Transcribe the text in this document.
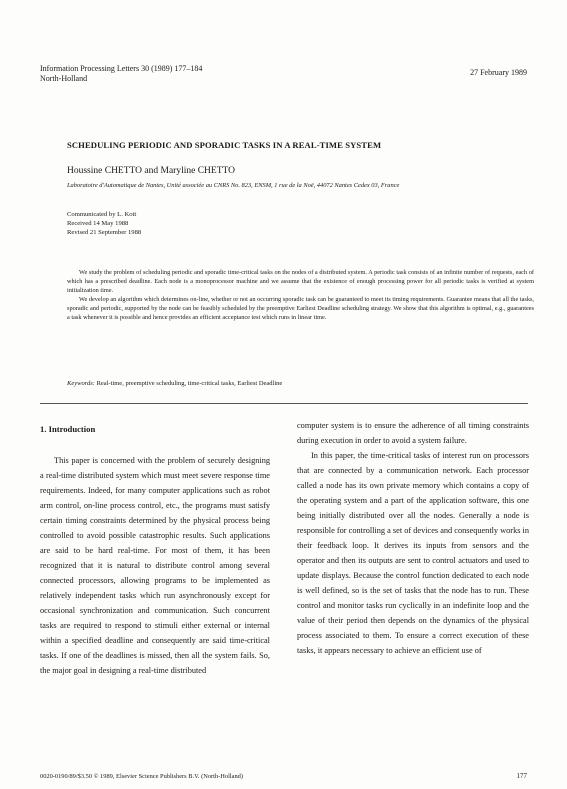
Information Processing Letters 30 (1989) 177–184
North-Holland
27 February 1989
SCHEDULING PERIODIC AND SPORADIC TASKS IN A REAL-TIME SYSTEM
Houssine CHETTO and Maryline CHETTO
Laboratoire d'Automatique de Nantes, Unité associée au CNRS No. 823, ENSM, 1 rue de la Noë, 44072 Nantes Cedex 03, France
Communicated by L. Kott
Received 14 May 1988
Revised 21 September 1988

We study the problem of scheduling periodic and sporadic time-critical tasks on the nodes of a distributed system. A periodic task consists of an infinite number of requests, each of which has a prescribed deadline. Each node is a monoprocessor machine and we assume that the existence of enough processing power for all periodic tasks is verified at system initialization time.

We develop an algorithm which determines on-line, whether or not an occurring sporadic task can be guaranteed to meet its timing requirements. Guarantee means that all the tasks, sporadic and periodic, supported by the node can be feasibly scheduled by the preemptive Earliest Deadline scheduling strategy. We show that this algorithm is optimal, e.g., guarantees a task whenever it is possible and hence provides an efficient acceptance test which runs in linear time.

Keywords: Real-time, preemptive scheduling, time-critical tasks, Earliest Deadline

1. Introduction

This paper is concerned with the problem of securely designing a real-time distributed system which must meet severe response time requirements. Indeed, for many computer applications such as robot arm control, on-line process control, etc., the programs must satisfy certain timing constraints determined by the physical process being controlled to avoid possible catastrophic results. Such applications are said to be hard real-time. For most of them, it has been recognized that it is natural to distribute control among several connected processors, allowing programs to be implemented as relatively independent tasks which run asynchronously except for occasional synchronization and communication. Such concurrent tasks are required to respond to stimuli either external or internal within a specified deadline and consequently are said time-critical tasks. If one of the deadlines is missed, then all the system fails. So, the major goal in designing a real-time distributed

computer system is to ensure the adherence of all timing constraints during execution in order to avoid a system failure.

In this paper, the time-critical tasks of interest run on processors that are connected by a communication network. Each processor called a node has its own private memory which contains a copy of the operating system and a part of the application software, this one being initially distributed over all the nodes. Generally a node is responsible for controlling a set of devices and consequently works in their feedback loop. It derives its inputs from sensors and the operator and then its outputs are sent to control actuators and used to update displays. Because the control function dedicated to each node is well defined, so is the set of tasks that the node has to run. These control and monitor tasks run cyclically in an indefinite loop and the value of their period then depends on the dynamics of the physical process associated to them. To ensure a correct execution of these tasks, it appears necessary to achieve an efficient use of

0020-0190/89/$3.50 © 1989, Elsevier Science Publishers B.V. (North-Holland)	177
